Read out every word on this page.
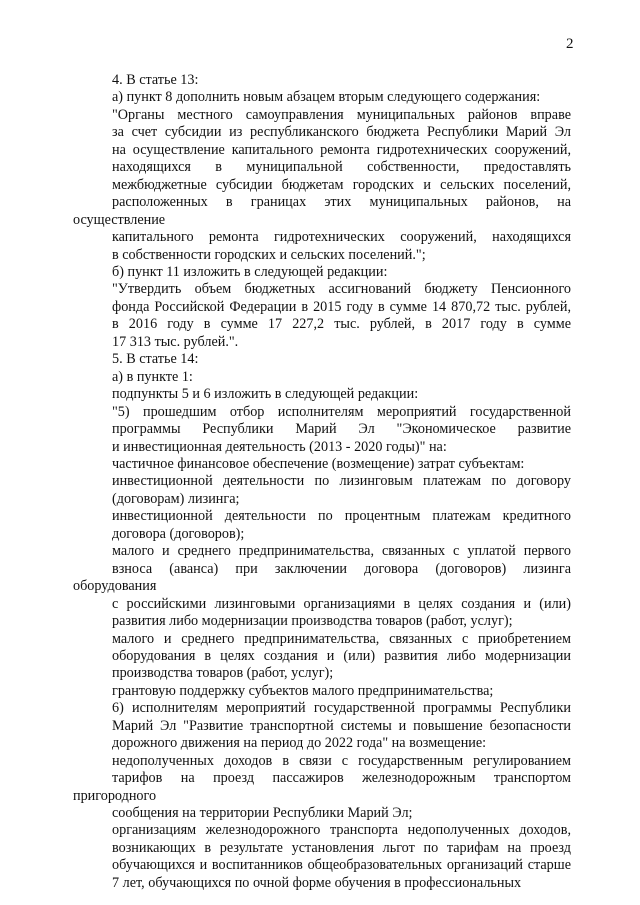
2
4. В статье 13:
а) пункт 8 дополнить новым абзацем вторым следующего содержания:
"Органы местного самоуправления муниципальных районов вправе
за счет субсидии из республиканского бюджета Республики Марий Эл
на осуществление капитального ремонта гидротехнических сооружений,
находящихся в муниципальной собственности, предоставлять
межбюджетные субсидии бюджетам городских и сельских поселений,
расположенных в границах этих муниципальных районов, на осуществление
капитального ремонта гидротехнических сооружений, находящихся
в собственности городских и сельских поселений.";
б) пункт 11 изложить в следующей редакции:
"Утвердить объем бюджетных ассигнований бюджету Пенсионного
фонда Российской Федерации в 2015 году в сумме 14 870,72 тыс. рублей,
в 2016 году в сумме 17 227,2 тыс. рублей, в 2017 году в сумме
17 313 тыс. рублей.".
5. В статье 14:
а) в пункте 1:
подпункты 5 и 6 изложить в следующей редакции:
"5) прошедшим отбор исполнителям мероприятий государственной
программы Республики Марий Эл "Экономическое развитие
и инвестиционная деятельность (2013 - 2020 годы)" на:
частичное финансовое обеспечение (возмещение) затрат субъектам:
инвестиционной деятельности по лизинговым платежам по договору
(договорам) лизинга;
инвестиционной деятельности по процентным платежам кредитного
договора (договоров);
малого и среднего предпринимательства, связанных с уплатой первого
взноса (аванса) при заключении договора (договоров) лизинга оборудования
с российскими лизинговыми организациями в целях создания и (или)
развития либо модернизации производства товаров (работ, услуг);
малого и среднего предпринимательства, связанных с приобретением
оборудования в целях создания и (или) развития либо модернизации
производства товаров (работ, услуг);
грантовую поддержку субъектов малого предпринимательства;
6) исполнителям мероприятий государственной программы Республики
Марий Эл "Развитие транспортной системы и повышение безопасности
дорожного движения на период до 2022 года" на возмещение:
недополученных доходов в связи с государственным регулированием
тарифов на проезд пассажиров железнодорожным транспортом пригородного
сообщения на территории Республики Марий Эл;
организациям железнодорожного транспорта недополученных доходов,
возникающих в результате установления льгот по тарифам на проезд
обучающихся и воспитанников общеобразовательных организаций старше
7 лет, обучающихся по очной форме обучения в профессиональных
